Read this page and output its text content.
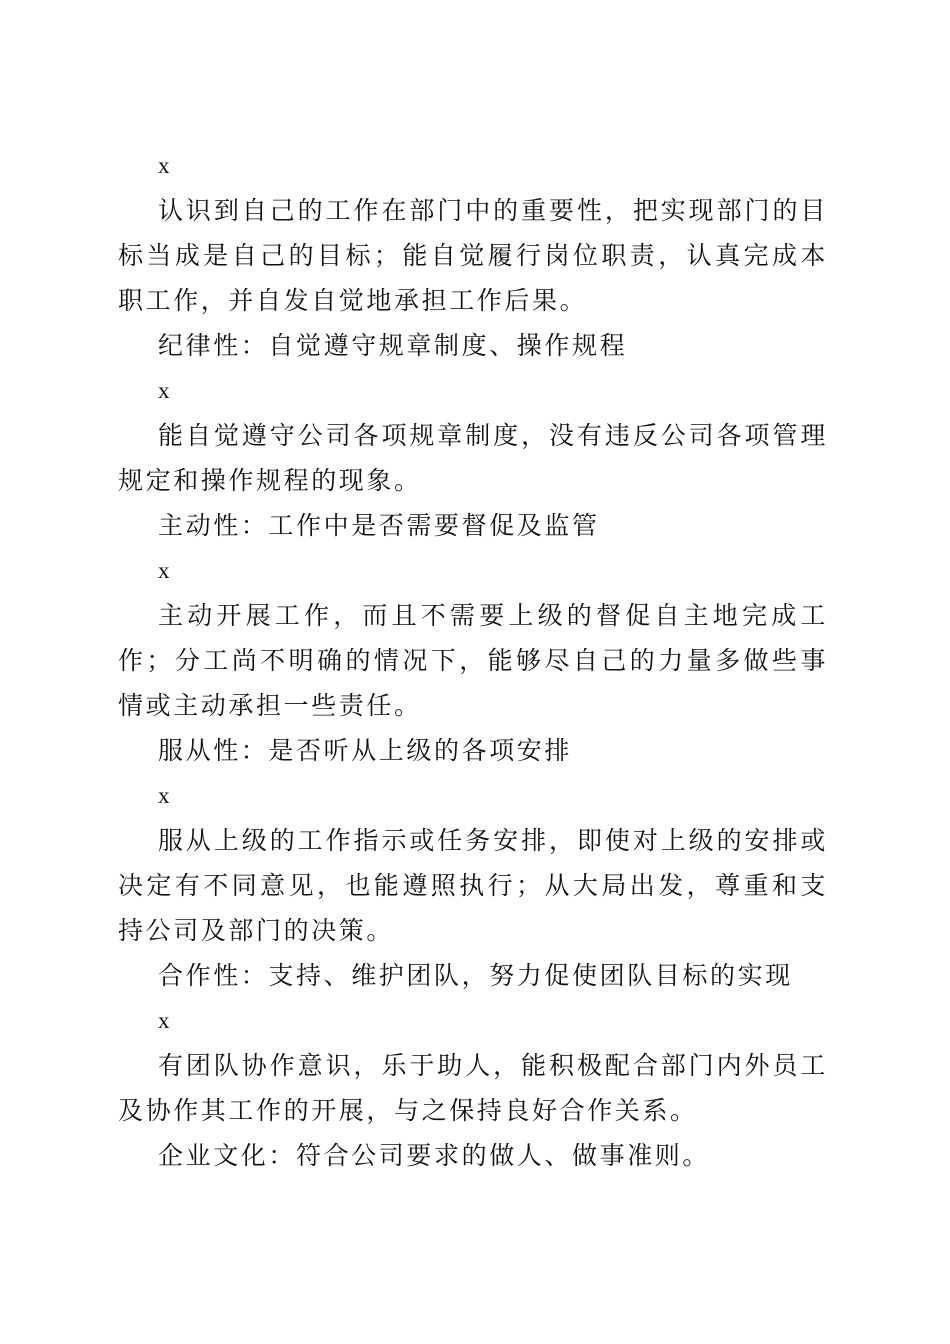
x

认识到自己的工作在部门中的重要性，把实现部门的目标当成是自己的目标；能自觉履行岗位职责，认真完成本职工作，并自发自觉地承担工作后果。

纪律性：自觉遵守规章制度、操作规程

x

能自觉遵守公司各项规章制度，没有违反公司各项管理规定和操作规程的现象。

主动性：工作中是否需要督促及监管

x

主动开展工作，而且不需要上级的督促自主地完成工作；分工尚不明确的情况下，能够尽自己的力量多做些事情或主动承担一些责任。

服从性：是否听从上级的各项安排

x

服从上级的工作指示或任务安排，即使对上级的安排或决定有不同意见，也能遵照执行；从大局出发，尊重和支持公司及部门的决策。

合作性：支持、维护团队，努力促使团队目标的实现

x

有团队协作意识，乐于助人，能积极配合部门内外员工及协作其工作的开展，与之保持良好合作关系。

企业文化：符合公司要求的做人、做事准则。
